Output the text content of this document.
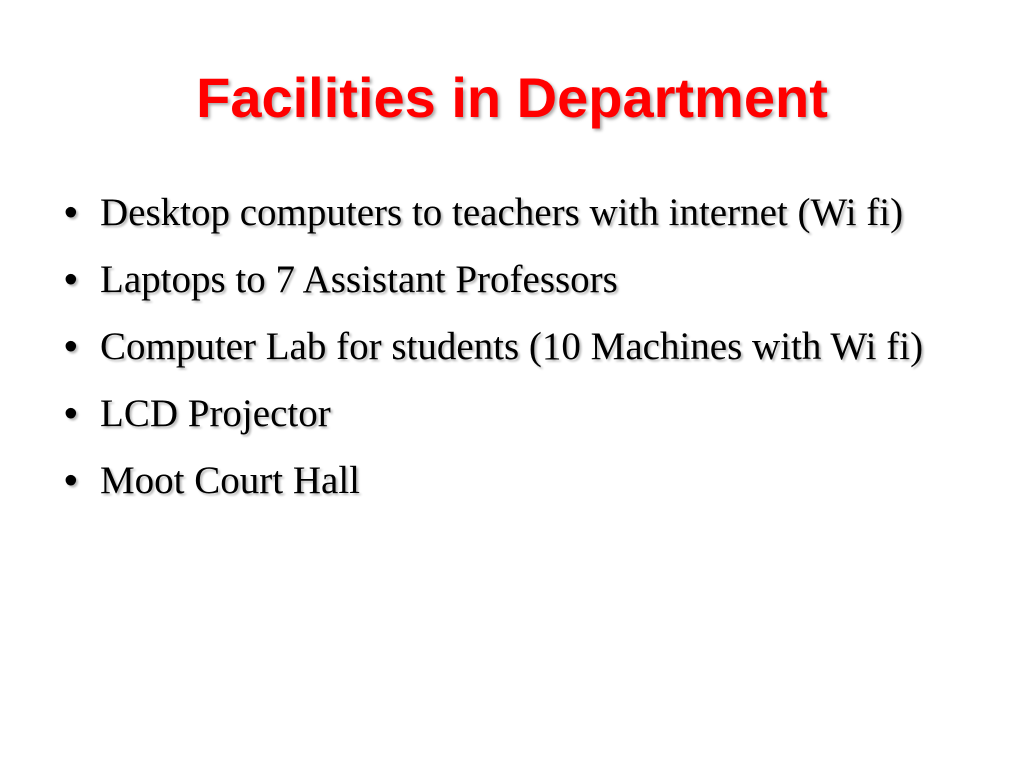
Facilities in Department
• Desktop computers to teachers with internet (Wi fi)
• Laptops to 7 Assistant Professors
• Computer Lab for students (10 Machines with Wi fi)
• LCD Projector
• Moot Court Hall
